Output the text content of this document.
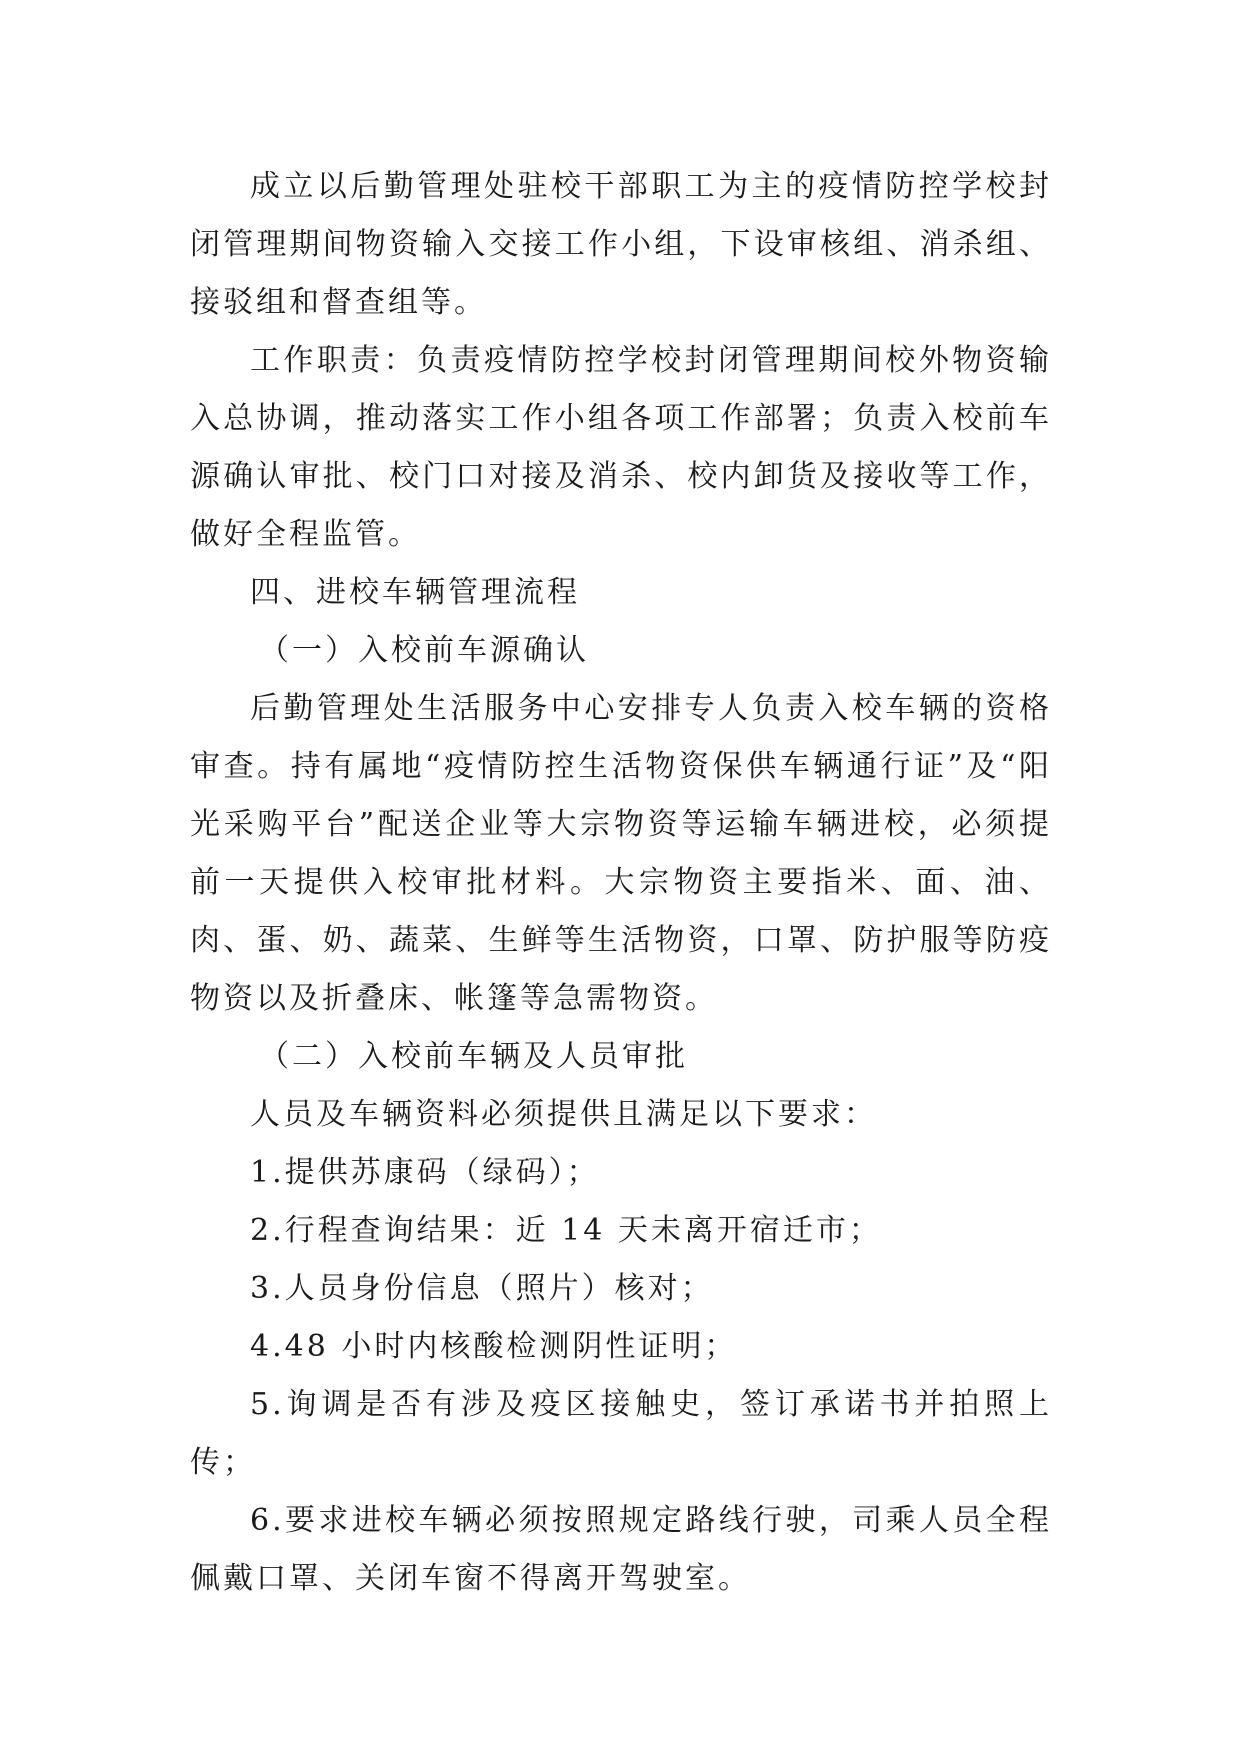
成立以后勤管理处驻校干部职工为主的疫情防控学校封闭管理期间物资输入交接工作小组，下设审核组、消杀组、接驳组和督查组等。

工作职责：负责疫情防控学校封闭管理期间校外物资输入总协调，推动落实工作小组各项工作部署；负责入校前车源确认审批、校门口对接及消杀、校内卸货及接收等工作，做好全程监管。

四、进校车辆管理流程

（一）入校前车源确认

后勤管理处生活服务中心安排专人负责入校车辆的资格审查。持有属地“疫情防控生活物资保供车辆通行证”及“阳光采购平台”配送企业等大宗物资等运输车辆进校，必须提前一天提供入校审批材料。大宗物资主要指米、面、油、肉、蛋、奶、蔬菜、生鲜等生活物资，口罩、防护服等防疫物资以及折叠床、帐篷等急需物资。

（二）入校前车辆及人员审批

人员及车辆资料必须提供且满足以下要求：

1.提供苏康码（绿码）；

2.行程查询结果：近 14 天未离开宿迁市；

3.人员身份信息（照片）核对；

4.48 小时内核酸检测阴性证明；

5.询调是否有涉及疫区接触史，签订承诺书并拍照上传；

6.要求进校车辆必须按照规定路线行驶，司乘人员全程佩戴口罩、关闭车窗不得离开驾驶室。
